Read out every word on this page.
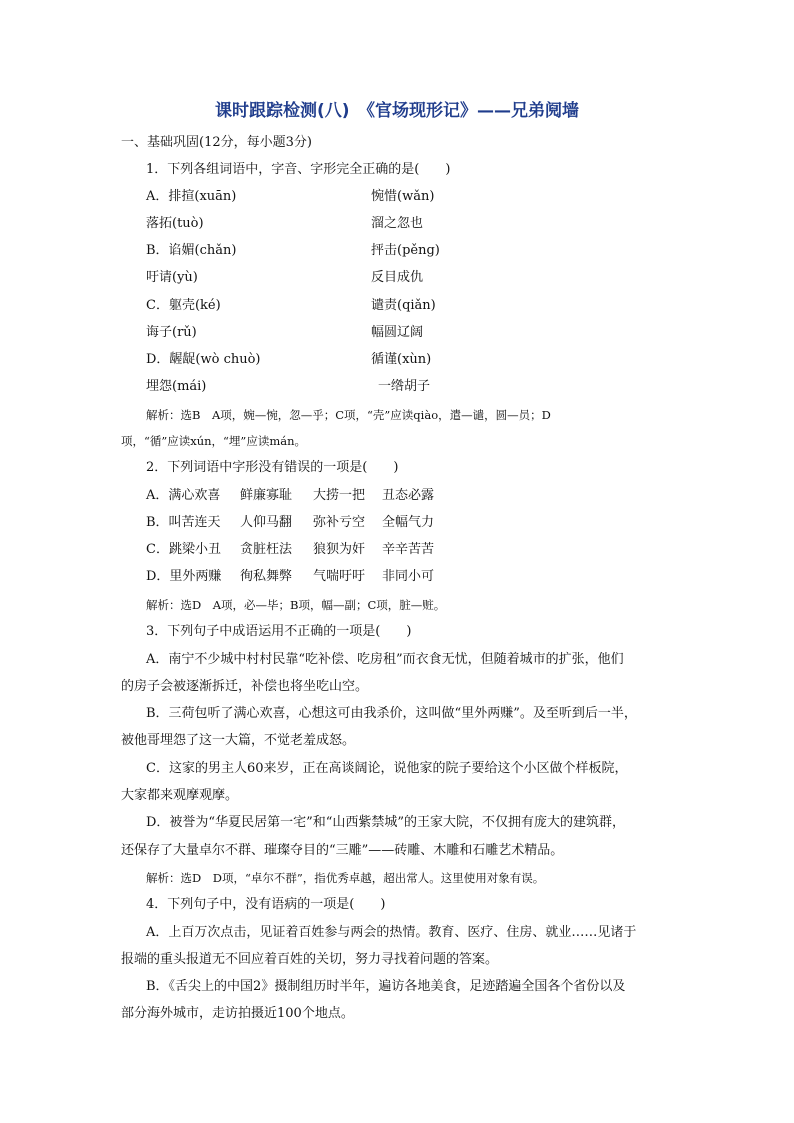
课时跟踪检测(八)　《官场现形记》——兄弟阋墙
一、基础巩固(12分，每小题3分)
1．下列各组词语中，字音、字形完全正确的是(　　)
A．排揎(xuān)	惋惜(wǎn)
落拓(tuò)	溜之忽也
B．谄媚(chǎn)	抨击(pěng)
吁请(yù)	反目成仇
C．躯壳(ké)	谴责(qiǎn)
诲子(rǔ)	幅圆辽阔
D．龌龊(wò chuò)	循谨(xùn)
埋怨(mái)	一绺胡子
解析：选B　A项，婉—惋，忽—乎；C项，“壳”应读qiào，遣—谴，圆—员；D
项，“循”应读xún，“埋”应读mán。
2．下列词语中字形没有错误的一项是(　　)
A．满心欢喜 鲜廉寡耻 大捞一把 丑态必露
B．叫苦连天 人仰马翻 弥补亏空 全幅气力
C．跳梁小丑 贪脏枉法 狼狈为奸 辛辛苦苦
D．里外两赚 徇私舞弊 气喘吁吁 非同小可
解析：选D　A项，必—毕；B项，幅—副；C项，脏—赃。
3．下列句子中成语运用不正确的一项是(　　)
A．南宁不少城中村村民靠“吃补偿、吃房租”而衣食无忧，但随着城市的扩张，他们
的房子会被逐渐拆迁，补偿也将坐吃山空。
B．三荷包听了满心欢喜，心想这可由我杀价，这叫做“里外两赚”。及至听到后一半，
被他哥埋怨了这一大篇，不觉老羞成怒。
C．这家的男主人60来岁，正在高谈阔论，说他家的院子要给这个小区做个样板院，
大家都来观摩观摩。
D．被誉为“华夏民居第一宅”和“山西紫禁城”的王家大院，不仅拥有庞大的建筑群，
还保存了大量卓尔不群、璀璨夺目的“三雕”——砖雕、木雕和石雕艺术精品。
解析：选D　D项，“卓尔不群”，指优秀卓越，超出常人。这里使用对象有误。
4．下列句子中，没有语病的一项是(　　)
A．上百万次点击，见证着百姓参与两会的热情。教育、医疗、住房、就业……见诸于
报端的重头报道无不回应着百姓的关切，努力寻找着问题的答案。
B．《舌尖上的中国2》摄制组历时半年，遍访各地美食，足迹踏遍全国各个省份以及
部分海外城市，走访拍摄近100个地点。
